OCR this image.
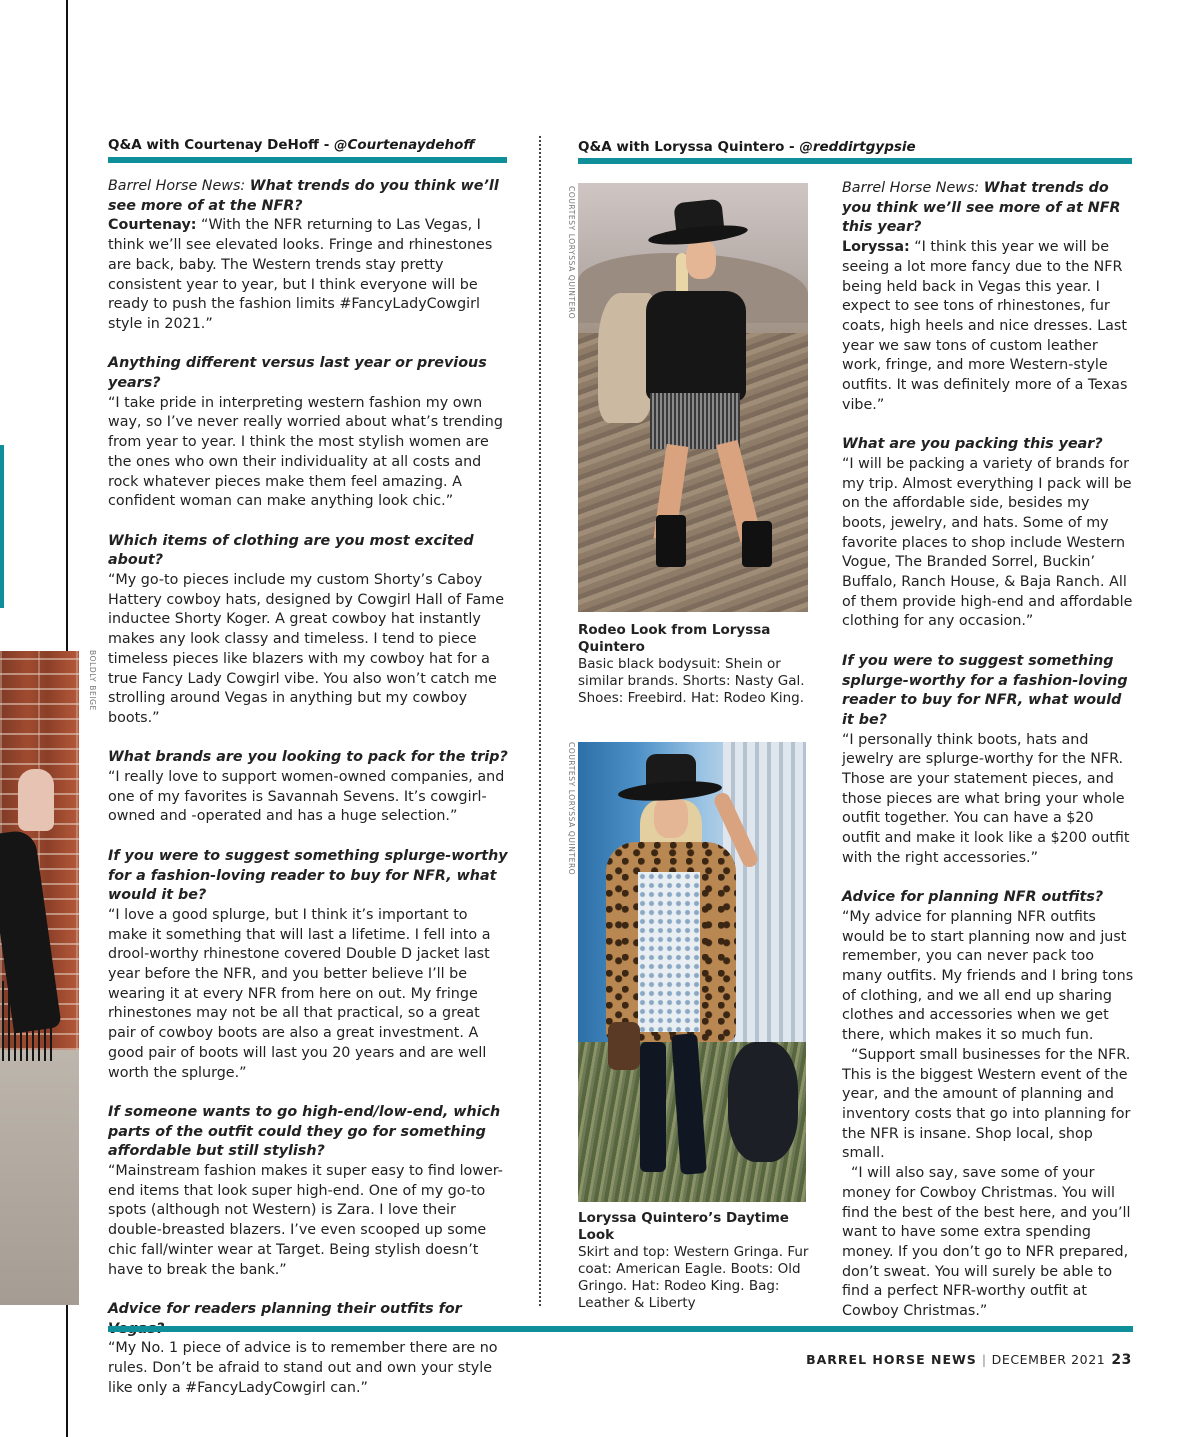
BOLDLY BEIGE
Q&A with Courtenay DeHoff - @Courtenaydehoff

Barrel Horse News: What trends do you think we’ll see more of at the NFR?
Courtenay: “With the NFR returning to Las Vegas, I think we’ll see elevated looks. Fringe and rhinestones are back, baby. The Western trends stay pretty consistent year to year, but I think everyone will be ready to push the fashion limits #FancyLadyCowgirl style in 2021.”

Anything different versus last year or previous years?
“I take pride in interpreting western fashion my own way, so I’ve never really worried about what’s trending from year to year. I think the most stylish women are the ones who own their individuality at all costs and rock whatever pieces make them feel amazing. A confident woman can make anything look chic.”

Which items of clothing are you most excited about?
“My go-to pieces include my custom Shorty’s Caboy Hattery cowboy hats, designed by Cowgirl Hall of Fame inductee Shorty Koger. A great cowboy hat instantly makes any look classy and timeless. I tend to piece timeless pieces like blazers with my cowboy hat for a true Fancy Lady Cowgirl vibe. You also won’t catch me strolling around Vegas in anything but my cowboy boots.”

What brands are you looking to pack for the trip?
“I really love to support women-owned companies, and one of my favorites is Savannah Sevens. It’s cowgirl-owned and -operated and has a huge selection.”

If you were to suggest something splurge-worthy for a fashion-loving reader to buy for NFR, what would it be?
“I love a good splurge, but I think it’s important to make it something that will last a lifetime. I fell into a drool-worthy rhinestone covered Double D jacket last year before the NFR, and you better believe I’ll be wearing it at every NFR from here on out. My fringe rhinestones may not be all that practical, so a great pair of cowboy boots are also a great investment. A good pair of boots will last you 20 years and are well worth the splurge.”

If someone wants to go high-end/low-end, which parts of the outfit could they go for something affordable but still stylish?
“Mainstream fashion makes it super easy to find lower-end items that look super high-end. One of my go-to spots (although not Western) is Zara. I love their double-breasted blazers. I’ve even scooped up some chic fall/winter wear at Target. Being stylish doesn’t have to break the bank.”

Advice for readers planning their outfits for
“My No. 1 piece of advice is to remember there are no rules. Don’t be afraid to stand out and own your style like only a #FancyLadyCowgirl can.”

Q&A with Loryssa Quintero - @reddirtgypsie
COURTESY LORYSSA QUINTERO
Rodeo Look from Loryssa Quintero
Basic black bodysuit: Shein or similar brands. Shorts: Nasty Gal. Shoes: Freebird. Hat: Rodeo King.
COURTESY LORYSSA QUINTERO
Loryssa Quintero’s Daytime Look
Skirt and top: Western Gringa. Fur coat: American Eagle. Boots: Old Gringo. Hat: Rodeo King. Bag: Leather & Liberty

Barrel Horse News: What trends do you think we’ll see more of at NFR this year?
Loryssa: “I think this year we will be seeing a lot more fancy due to the NFR being held back in Vegas this year. I expect to see tons of rhinestones, fur coats, high heels and nice dresses. Last year we saw tons of custom leather work, fringe, and more Western-style outfits. It was definitely more of a Texas vibe.”

What are you packing this year?
“I will be packing a variety of brands for my trip. Almost everything I pack will be on the affordable side, besides my boots, jewelry, and hats. Some of my favorite places to shop include Western Vogue, The Branded Sorrel, Buckin’ Buffalo, Ranch House, & Baja Ranch. All of them provide high-end and affordable clothing for any occasion.”

If you were to suggest something splurge-worthy for a fashion-loving reader to buy for NFR, what would it be?
“I personally think boots, hats and jewelry are splurge-worthy for the NFR. Those are your statement pieces, and those pieces are what bring your whole outfit together. You can have a $20 outfit and make it look like a $200 outfit with the right accessories.”

Advice for planning NFR outfits?
“My advice for planning NFR outfits would be to start planning now and just remember, you can never pack too many outfits. My friends and I bring tons of clothing, and we all end up sharing clothes and accessories when we get there, which makes it so much fun.
“Support small businesses for the NFR. This is the biggest Western event of the year, and the amount of planning and inventory costs that go into planning for the NFR is insane. Shop local, shop small.
“I will also say, save some of your money for Cowboy Christmas. You will find the best of the best here, and you’ll want to have some extra spending money. If you don’t go to NFR prepared, don’t sweat. You will surely be able to find a perfect NFR-worthy outfit at Cowboy Christmas.”

BARREL HORSE NEWS | DECEMBER 2021 23
